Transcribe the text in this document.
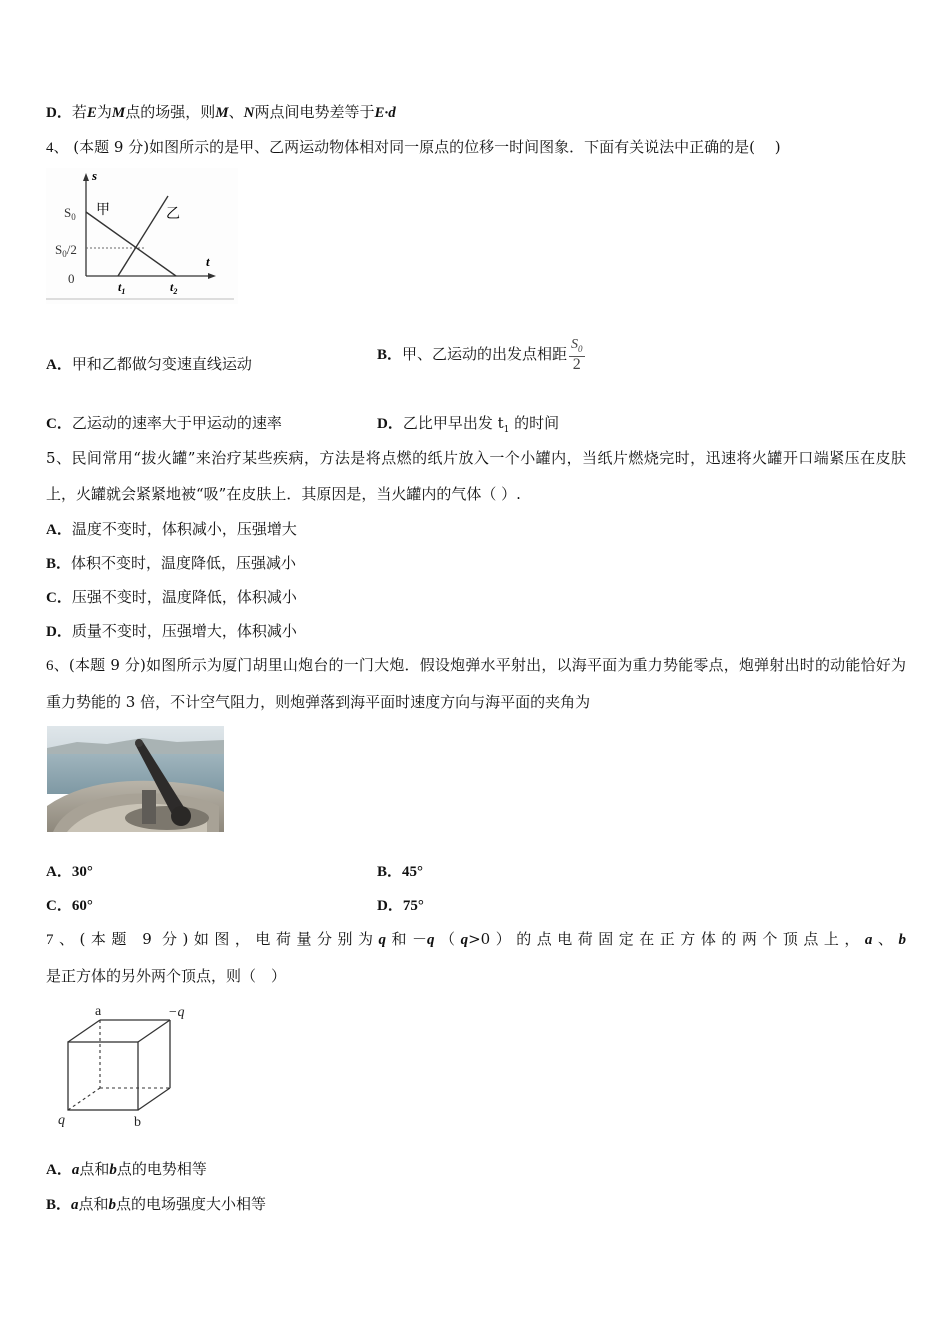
D．若E为M点的场强，则M、N两点间电势差等于E·d
4、 (本题 9 分)如图所示的是甲、乙两运动物体相对同一原点的位移一时间图象．下面有关说法中正确的是(　 )
s
t
$S_0$
$S_0/2$
0
$t_1$	$t_2$
甲	乙
A．甲和乙都做匀变速直线运动	B．甲、乙运动的出发点相距 $\frac{S_0}{2}$
C．乙运动的速率大于甲运动的速率	D．乙比甲早出发 $t_1$ 的时间
5、民间常用“拔火罐”来治疗某些疾病，方法是将点燃的纸片放入一个小罐内，当纸片燃烧完时，迅速将火罐开口端紧压在皮肤上，火罐就会紧紧地被“吸”在皮肤上．其原因是，当火罐内的气体（ ）.
A．温度不变时，体积减小，压强增大
B．体积不变时，温度降低，压强减小
C．压强不变时，温度降低，体积减小
D．质量不变时，压强增大，体积减小
6、(本题 9 分)如图所示为厦门胡里山炮台的一门大炮．假设炮弹水平射出，以海平面为重力势能零点，炮弹射出时的动能恰好为重力势能的 3 倍，不计空气阻力，则炮弹落到海平面时速度方向与海平面的夹角为
A．30°	B．45°
C．60°	D．75°
7、(本题 9 分)如图，电荷量分别为q和－q（q>0）的点电荷固定在正方体的两个顶点上，a、b是正方体的另外两个顶点，则（　）
a	−q
q	b
A．a点和b点的电势相等
B．a点和b点的电场强度大小相等
